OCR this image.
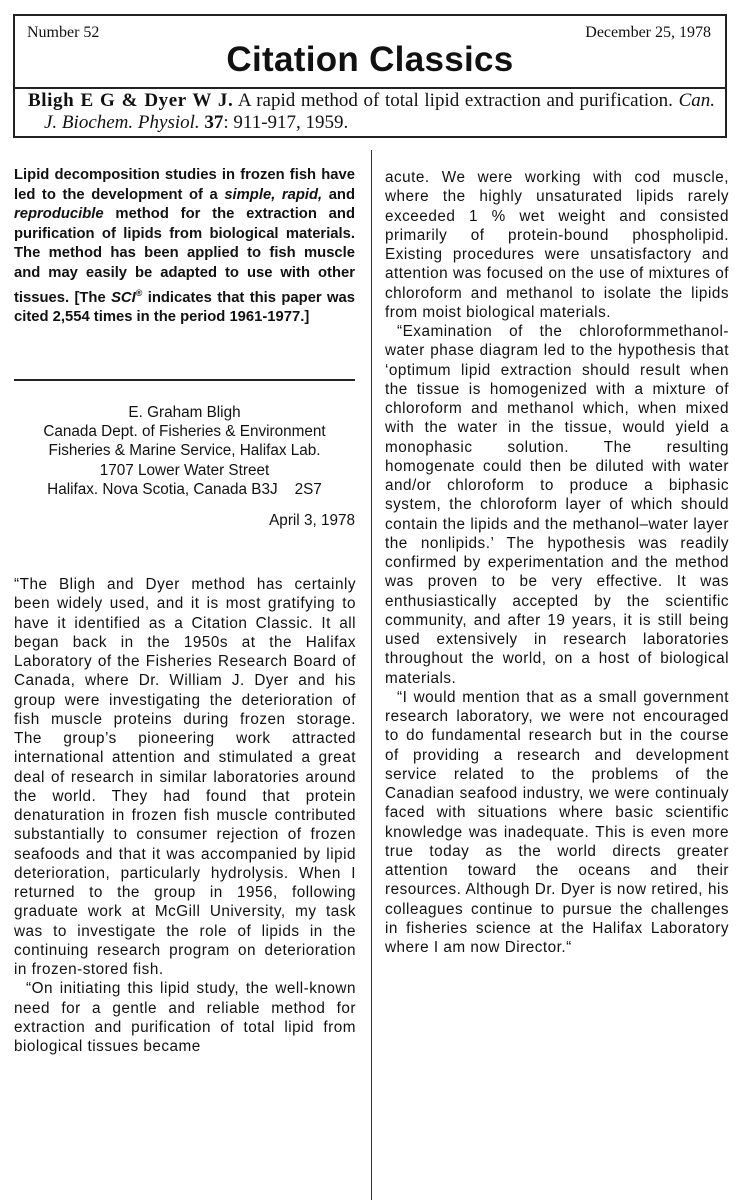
Number 52	December 25, 1978
Citation Classics
Bligh E G & Dyer W J. A rapid method of total lipid extraction and purification. Can. J. Biochem. Physiol. 37: 911-917, 1959.
Lipid decomposition studies in frozen fish have led to the development of a simple, rapid, and reproducible method for the extraction and purification of lipids from biological materials. The method has been applied to fish muscle and may easily be adapted to use with other tissues. [The SCI® indicates that this paper was cited 2,554 times in the period 1961-1977.]
E. Graham Bligh
Canada Dept. of Fisheries & Environment
Fisheries & Marine Service, Halifax Lab.
1707 Lower Water Street
Halifax. Nova Scotia, Canada B3J    2S7
April 3, 1978

“The Bligh and Dyer method has certainly been widely used, and it is most gratifying to have it identified as a Citation Classic. It all began back in the 1950s at the Halifax Laboratory of the Fisheries Research Board of Canada, where Dr. William J. Dyer and his group were investigating the deterioration of fish muscle proteins during frozen storage. The group’s pioneering work attracted international attention and stimulated a great deal of research in similar laboratories around the world. They had found that protein denaturation in frozen fish muscle contributed substantially to consumer rejection of frozen seafoods and that it was accompanied by lipid deterioration, particularly hydrolysis. When I returned to the group in 1956, following graduate work at McGill University, my task was to investigate the role of lipids in the continuing research program on deterioration in frozen-stored fish.

“On initiating this lipid study, the well-known need for a gentle and reliable method for extraction and purification of total lipid from biological tissues became

acute. We were working with cod muscle, where the highly unsaturated lipids rarely exceeded 1 % wet weight and consisted primarily of protein-bound phospholipid. Existing procedures were unsatisfactory and attention was focused on the use of mixtures of chloroform and methanol to isolate the lipids from moist biological materials.

“Examination of the chloroformmethanol-water phase diagram led to the hypothesis that ‘optimum lipid extraction should result when the tissue is homogenized with a mixture of chloroform and methanol which, when mixed with the water in the tissue, would yield a monophasic solution. The resulting homogenate could then be diluted with water and/or chloroform to produce a biphasic system, the chloroform layer of which should contain the lipids and the methanol–water layer the nonlipids.’ The hypothesis was readily confirmed by experimentation and the method was proven to be very effective. It was enthusiastically accepted by the scientific community, and after 19 years, it is still being used extensively in research laboratories throughout the world, on a host of biological materials.

“I would mention that as a small government research laboratory, we were not encouraged to do fundamental research but in the course of providing a research and development service related to the problems of the Canadian seafood industry, we were continualy faced with situations where basic scientific knowledge was inadequate. This is even more true today as the world directs greater attention toward the oceans and their resources. Although Dr. Dyer is now retired, his colleagues continue to pursue the challenges in fisheries science at the Halifax Laboratory where I am now Director.“
